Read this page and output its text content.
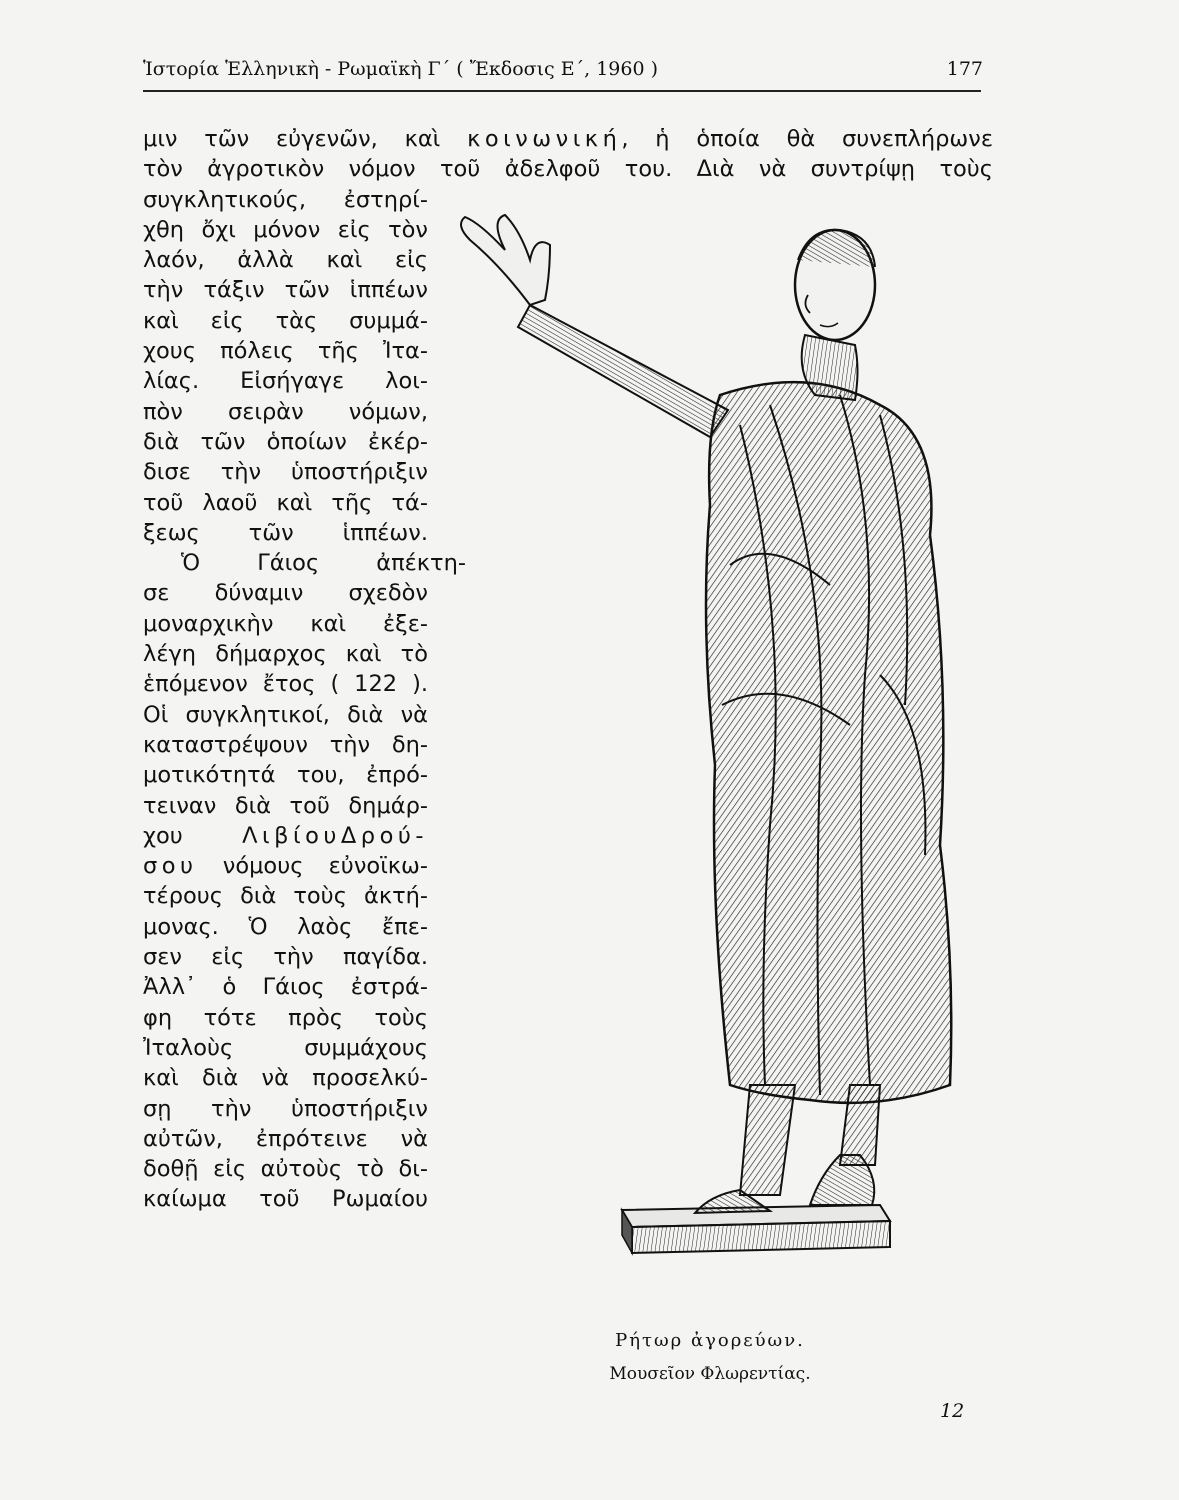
Ἱστορία Ἑλληνικὴ - Ρωμαϊκὴ Γ´ ( Ἔκδοσις Ε´, 1960 )	177
μιν τῶν εὐγενῶν, καὶ κοινωνική, ἡ ὁποία θὰ συνεπλήρωνε
τὸν ἀγροτικὸν νόμον τοῦ ἀδελφοῦ του. Διὰ νὰ συντρίψῃ τοὺς
συγκλητικούς, ἐστηρί-
χθη ὄχι μόνον εἰς τὸν
λαόν, ἀλλὰ καὶ εἰς
τὴν τάξιν τῶν ἱππέων
καὶ εἰς τὰς συμμά-
χους πόλεις τῆς Ἰτα-
λίας. Εἰσήγαγε λοι-
πὸν σειρὰν νόμων,
διὰ τῶν ὁποίων ἐκέρ-
δισε τὴν ὑποστήριξιν
τοῦ λαοῦ καὶ τῆς τά-
ξεως τῶν ἱππέων.
Ὁ Γάιος ἀπέκτη-
σε δύναμιν σχεδὸν
μοναρχικὴν καὶ ἐξε-
λέγη δήμαρχος καὶ τὸ
ἑπόμενον ἔτος ( 122 ).
Οἱ συγκλητικοί, διὰ νὰ
καταστρέψουν τὴν δη-
μοτικότητά του, ἐπρό-
τειναν διὰ τοῦ δημάρ-
χου ΛιβίουΔρού-
σου νόμους εὐνοϊκω-
τέρους διὰ τοὺς ἀκτή-
μονας. Ὁ λαὸς ἔπε-
σεν εἰς τὴν παγίδα.
Ἀλλ᾽ ὁ Γάιος ἐστρά-
φη τότε πρὸς τοὺς
Ἰταλοὺς συμμάχους
καὶ διὰ νὰ προσελκύ-
σῃ τὴν ὑποστήριξιν
αὐτῶν, ἐπρότεινε νὰ
δοθῇ εἰς αὐτοὺς τὸ δι-
καίωμα τοῦ Ρωμαίου
Ρήτωρ ἀγορεύων.
Μουσεῖον Φλωρεντίας.
12
